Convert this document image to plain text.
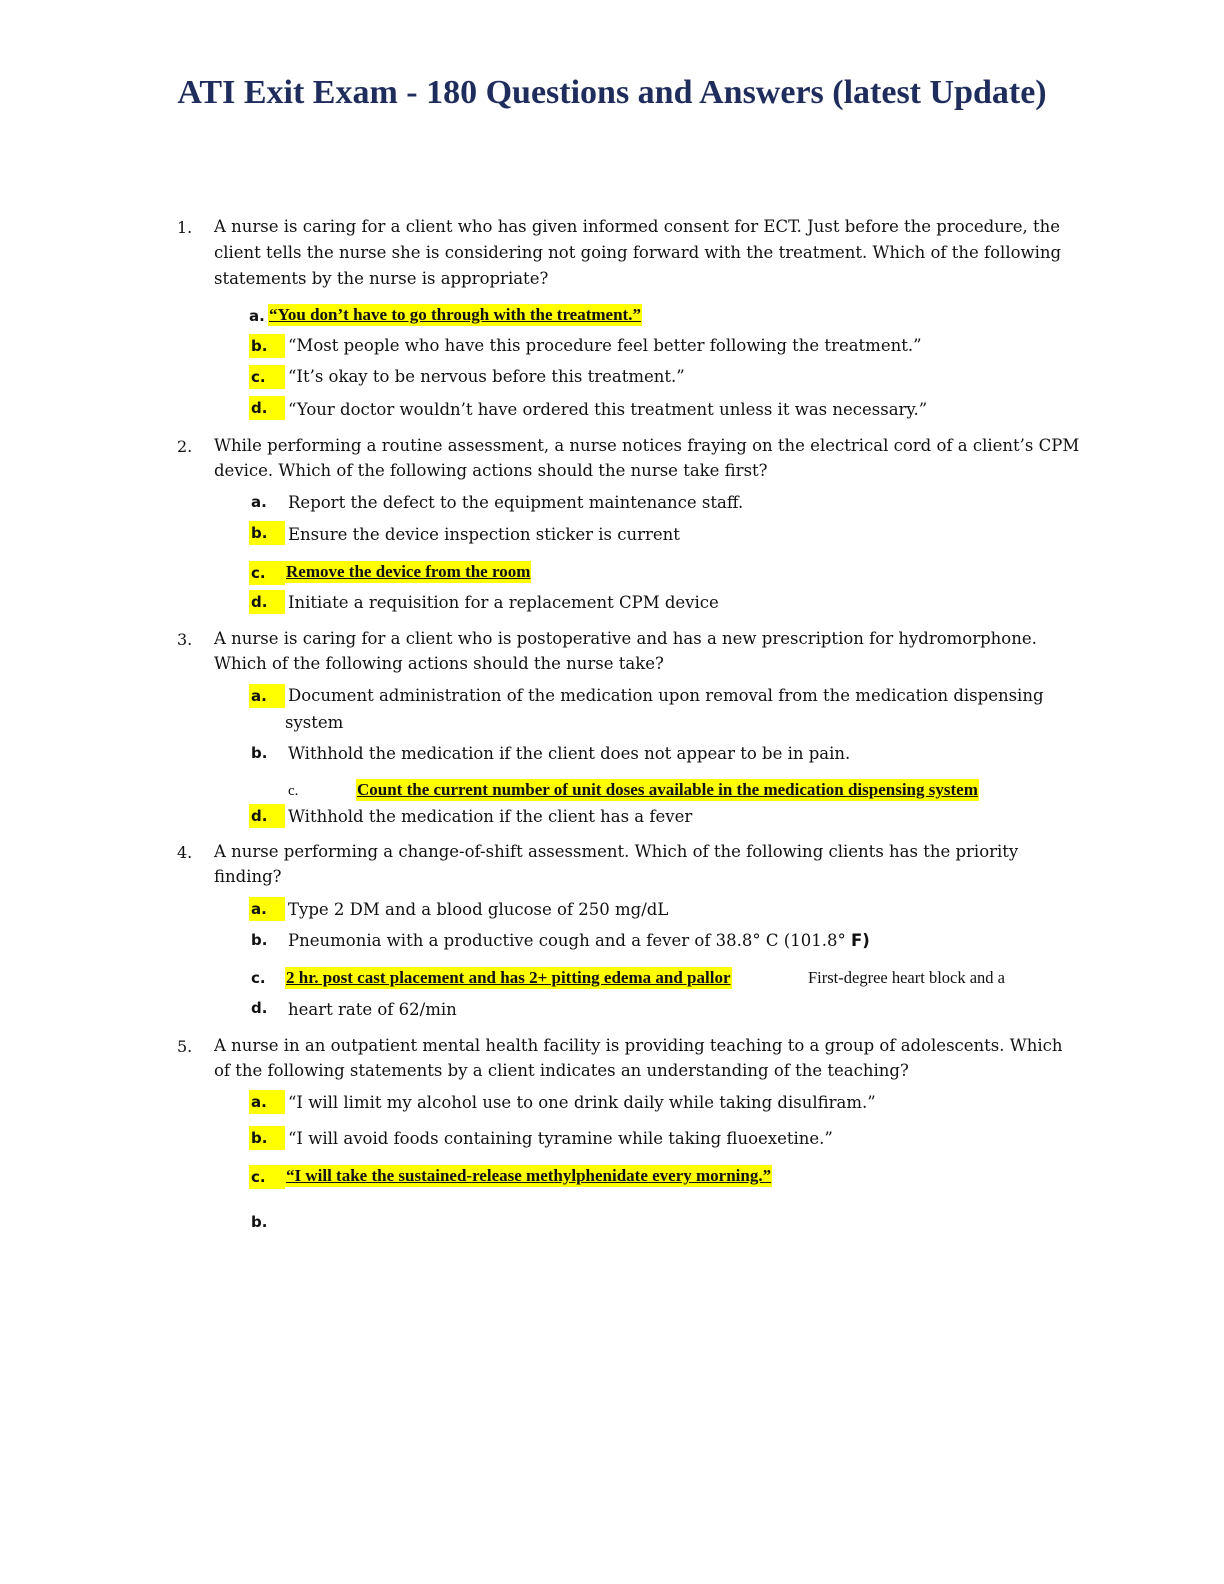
ATI Exit Exam - 180 Questions and Answers (latest Update)
1. A nurse is caring for a client who has given informed consent for ECT. Just before the procedure, the
client tells the nurse she is considering not going forward with the treatment. Which of the following
statements by the nurse is appropriate?
a. “You don’t have to go through with the treatment.”
b.	“Most people who have this procedure feel better following the treatment.”
c.	“It’s okay to be nervous before this treatment.”
d.	“Your doctor wouldn’t have ordered this treatment unless it was necessary.”
2. While performing a routine assessment, a nurse notices fraying on the electrical cord of a client’s CPM
device. Which of the following actions should the nurse take first?
a.	Report the defect to the equipment maintenance staff.
b.	Ensure the device inspection sticker is current
c.	Remove the device from the room
d.	Initiate a requisition for a replacement CPM device
3. A nurse is caring for a client who is postoperative and has a new prescription for hydromorphone.
Which of the following actions should the nurse take?
a.	Document administration of the medication upon removal from the medication dispensing
system
b.	Withhold the medication if the client does not appear to be in pain.
c.	Count the current number of unit doses available in the medication dispensing system
d.	Withhold the medication if the client has a fever
4. A nurse performing a change-of-shift assessment. Which of the following clients has the priority
finding?
a.	Type 2 DM and a blood glucose of 250 mg/dL
b.	Pneumonia with a productive cough and a fever of 38.8° C (101.8° F)
c.	2 hr. post cast placement and has 2+ pitting edema and pallor	First-degree heart block and a
d.	heart rate of 62/min
5. A nurse in an outpatient mental health facility is providing teaching to a group of adolescents. Which
of the following statements by a client indicates an understanding of the teaching?
a.	“I will limit my alcohol use to one drink daily while taking disulfiram.”
b.	“I will avoid foods containing tyramine while taking fluoexetine.”
c.	“I will take the sustained-release methylphenidate every morning.”
b.
